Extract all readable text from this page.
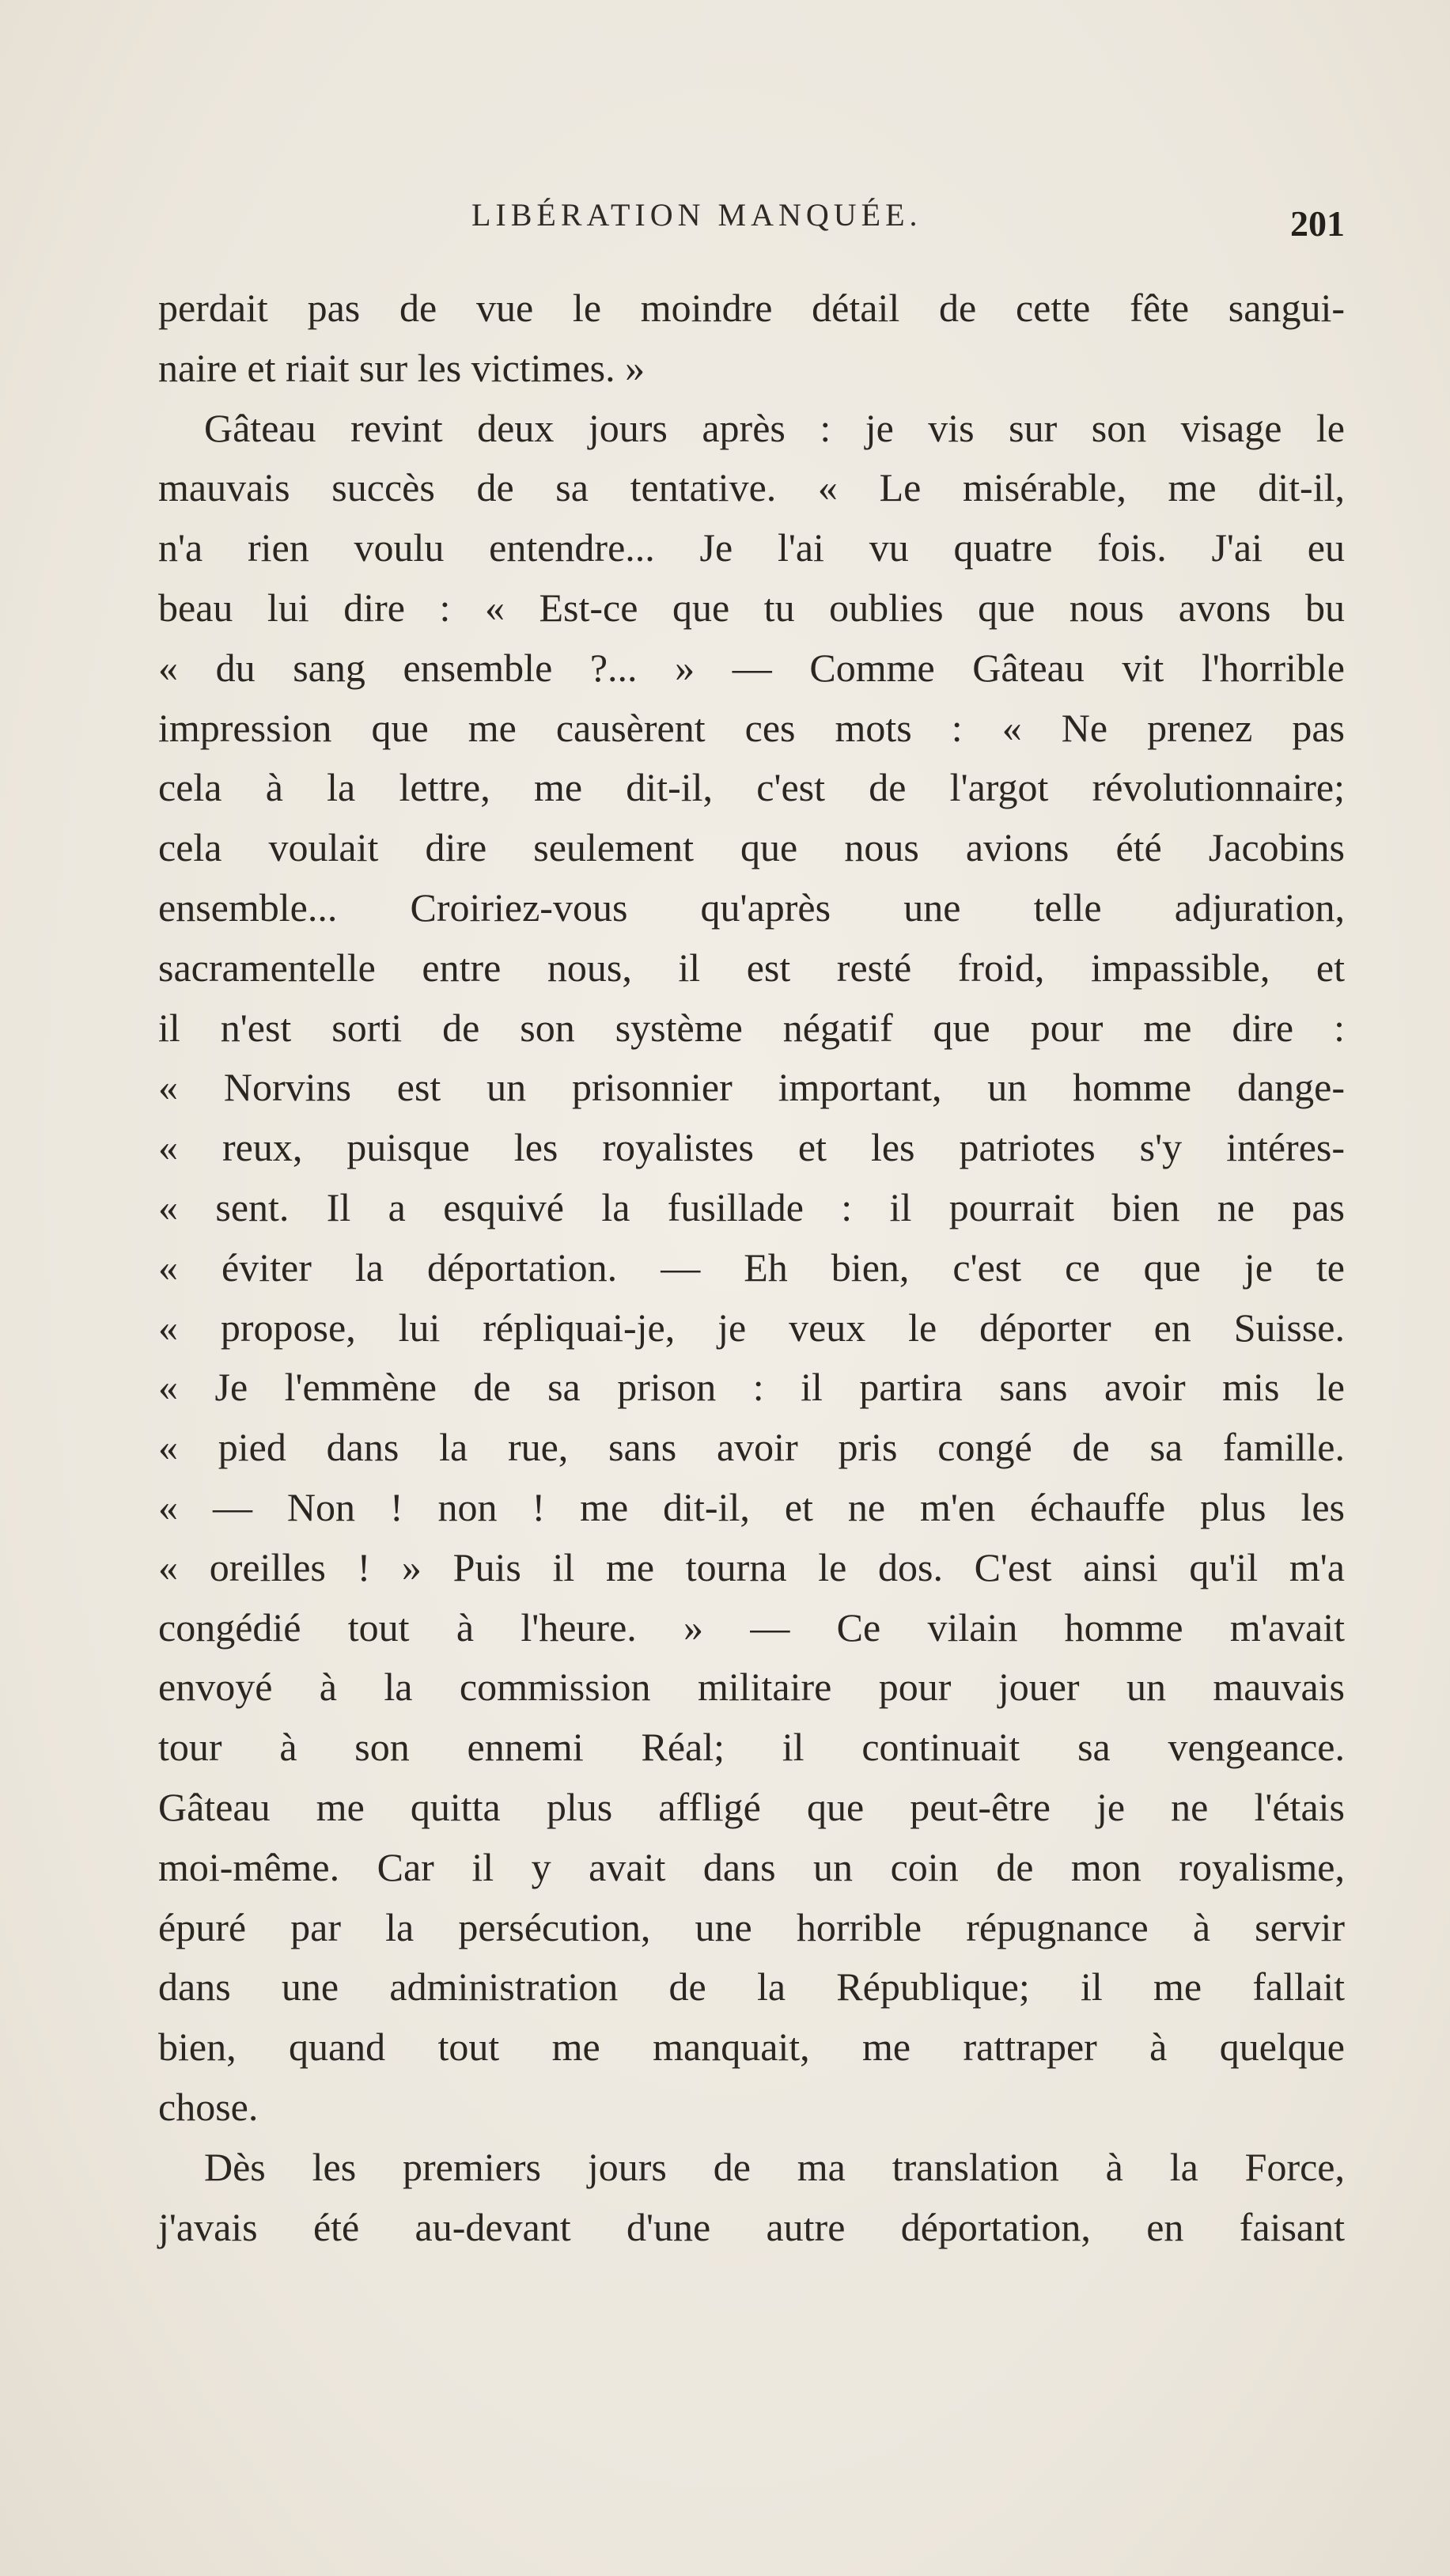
LIBÉRATION MANQUÉE.	201
perdait pas de vue le moindre détail de cette fête sangui-
naire et riait sur les victimes. »
Gâteau revint deux jours après : je vis sur son visage le
mauvais succès de sa tentative. « Le misérable, me dit-il,
n'a rien voulu entendre... Je l'ai vu quatre fois. J'ai eu
beau lui dire : « Est-ce que tu oublies que nous avons bu
« du sang ensemble ?... » — Comme Gâteau vit l'horrible
impression que me causèrent ces mots : « Ne prenez pas
cela à la lettre, me dit-il, c'est de l'argot révolutionnaire;
cela voulait dire seulement que nous avions été Jacobins
ensemble... Croiriez-vous qu'après une telle adjuration,
sacramentelle entre nous, il est resté froid, impassible, et
il n'est sorti de son système négatif que pour me dire :
« Norvins est un prisonnier important, un homme dange-
« reux, puisque les royalistes et les patriotes s'y intéres-
« sent. Il a esquivé la fusillade : il pourrait bien ne pas
« éviter la déportation. — Eh bien, c'est ce que je te
« propose, lui répliquai-je, je veux le déporter en Suisse.
« Je l'emmène de sa prison : il partira sans avoir mis le
« pied dans la rue, sans avoir pris congé de sa famille.
« — Non ! non ! me dit-il, et ne m'en échauffe plus les
« oreilles ! » Puis il me tourna le dos. C'est ainsi qu'il m'a
congédié tout à l'heure. » — Ce vilain homme m'avait
envoyé à la commission militaire pour jouer un mauvais
tour à son ennemi Réal; il continuait sa vengeance.
Gâteau me quitta plus affligé que peut-être je ne l'étais
moi-même. Car il y avait dans un coin de mon royalisme,
épuré par la persécution, une horrible répugnance à servir
dans une administration de la République; il me fallait
bien, quand tout me manquait, me rattraper à quelque
chose.
Dès les premiers jours de ma translation à la Force,
j'avais été au-devant d'une autre déportation, en faisant
